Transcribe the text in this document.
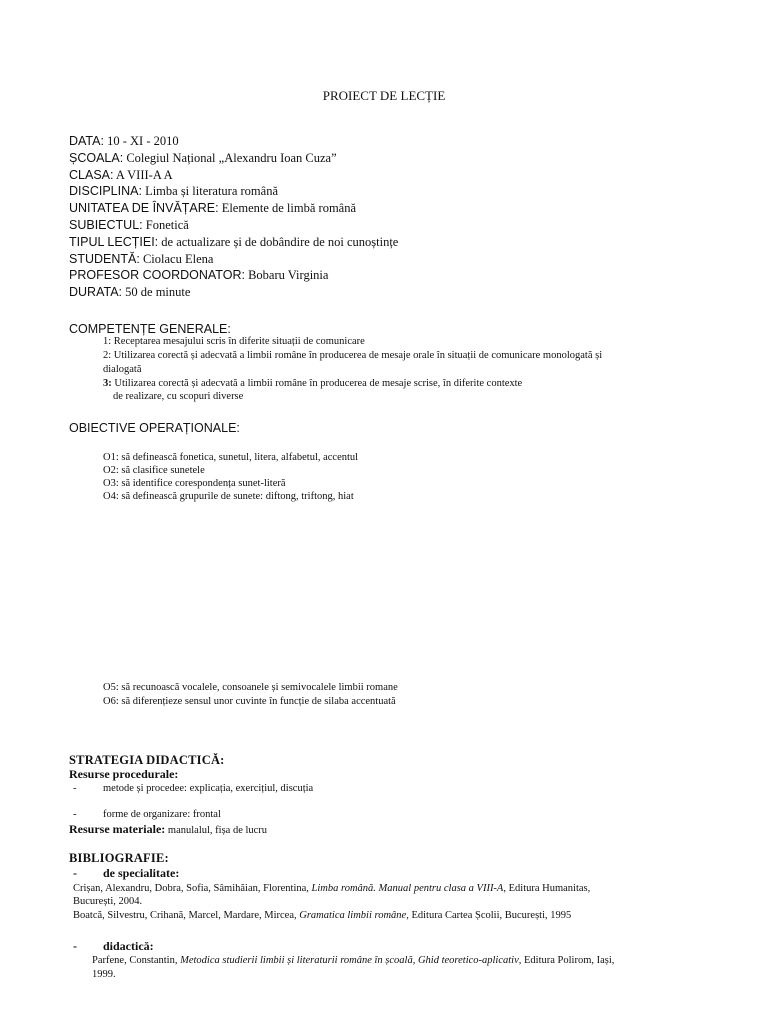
PROIECT DE LECȚIE
DATA: 10 - XI - 2010
ȘCOALA: Colegiul Național „Alexandru Ioan Cuza”
CLASA: A VIII-A A
DISCIPLINA: Limba și literatura română
UNITATEA DE ÎNVĂȚARE: Elemente de limbă română
SUBIECTUL: Fonetică
TIPUL LECȚIEI: de actualizare și de dobândire de noi cunoștințe
STUDENTĂ: Ciolacu Elena
PROFESOR COORDONATOR: Bobaru Virginia
DURATA: 50 de minute
COMPETENȚE GENERALE:
1: Receptarea mesajului scris în diferite situații de comunicare
2: Utilizarea corectă și adecvată a limbii române în producerea de mesaje orale în situații de comunicare monologată și
dialogată
3: Utilizarea corectă și adecvată a limbii române în producerea de mesaje scrise, în diferite contexte
de realizare, cu scopuri diverse
OBIECTIVE OPERAȚIONALE:
O1: să definească fonetica, sunetul, litera, alfabetul, accentul
O2: să clasifice sunetele
O3: să identifice corespondența sunet-literă
O4: să definească grupurile de sunete: diftong, triftong, hiat
O5: să recunoască vocalele, consoanele și semivocalele limbii romane
O6: să diferențieze sensul unor cuvinte în funcție de silaba accentuată
STRATEGIA DIDACTICĂ:
Resurse procedurale:
-	metode și procedee: explicația, exercițiul, discuția
-	forme de organizare: frontal
Resurse materiale: manulalul, fișa de lucru
BIBLIOGRAFIE:
- de specialitate:
Crișan, Alexandru, Dobra, Sofia, Sâmihăian, Florentina, Limba română. Manual pentru clasa a VIII-A, Editura Humanitas,
București, 2004.
Boatcă, Silvestru, Crihană, Marcel, Mardare, Mircea, Gramatica limbii române, Editura Cartea Școlii, București, 1995
- didactică:
Parfene, Constantin, Metodica studierii limbii și literaturii române în școală, Ghid teoretico-aplicativ, Editura Polirom, Iași,
1999.
